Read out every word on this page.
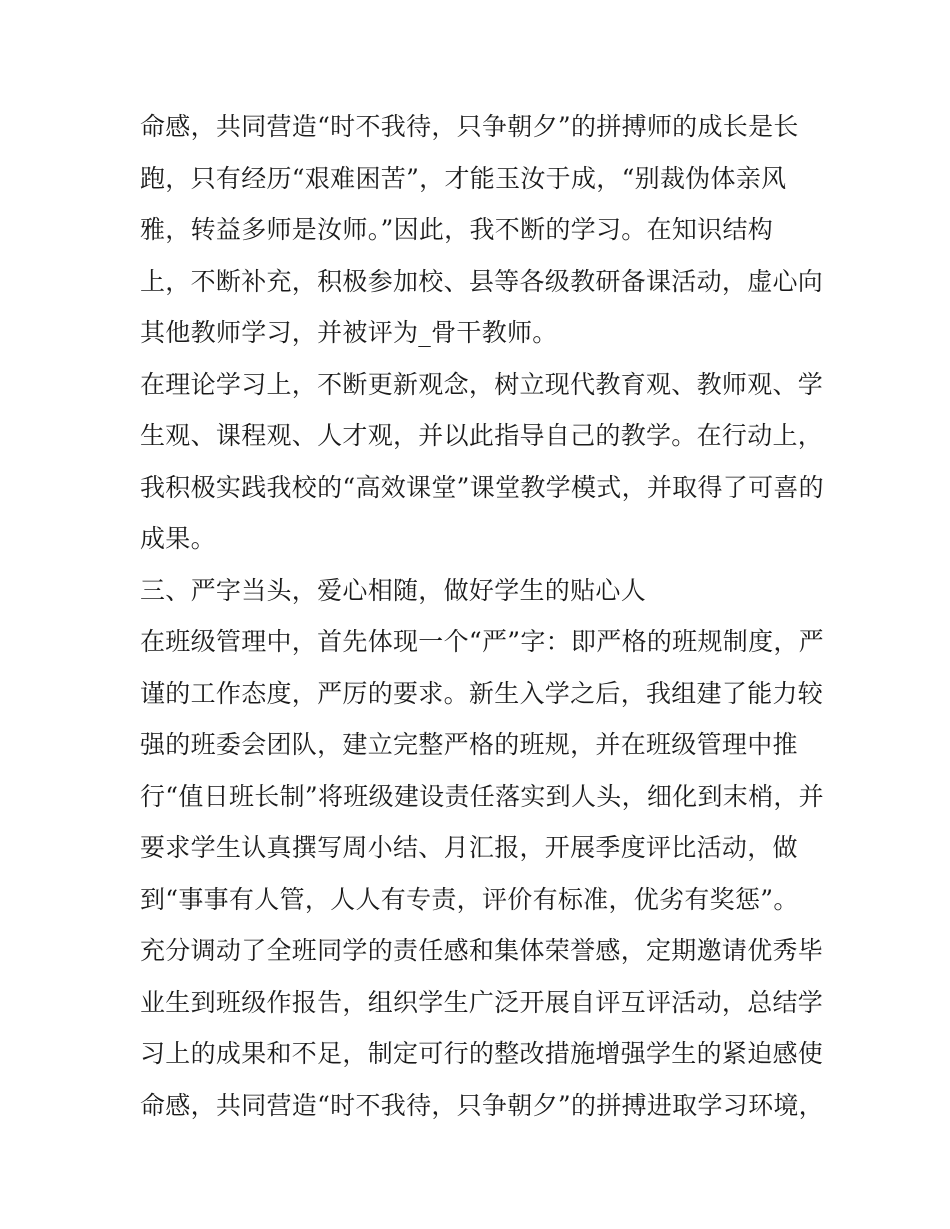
命感，共同营造“时不我待，只争朝夕”的拼搏师的成长是长
跑，只有经历“艰难困苦”，才能玉汝于成，“别裁伪体亲风
雅，转益多师是汝师。”因此，我不断的学习。在知识结构
上，不断补充，积极参加校、县等各级教研备课活动，虚心向
其他教师学习，并被评为_骨干教师。
在理论学习上，不断更新观念，树立现代教育观、教师观、学
生观、课程观、人才观，并以此指导自己的教学。在行动上，
我积极实践我校的“高效课堂”课堂教学模式，并取得了可喜的
成果。
三、严字当头，爱心相随，做好学生的贴心人
在班级管理中，首先体现一个“严”字：即严格的班规制度，严
谨的工作态度，严厉的要求。新生入学之后，我组建了能力较
强的班委会团队，建立完整严格的班规，并在班级管理中推
行“值日班长制”将班级建设责任落实到人头，细化到末梢，并
要求学生认真撰写周小结、月汇报，开展季度评比活动，做
到“事事有人管，人人有专责，评价有标准，优劣有奖惩”。
充分调动了全班同学的责任感和集体荣誉感，定期邀请优秀毕
业生到班级作报告，组织学生广泛开展自评互评活动，总结学
习上的成果和不足，制定可行的整改措施增强学生的紧迫感使
命感，共同营造“时不我待，只争朝夕”的拼搏进取学习环境，
